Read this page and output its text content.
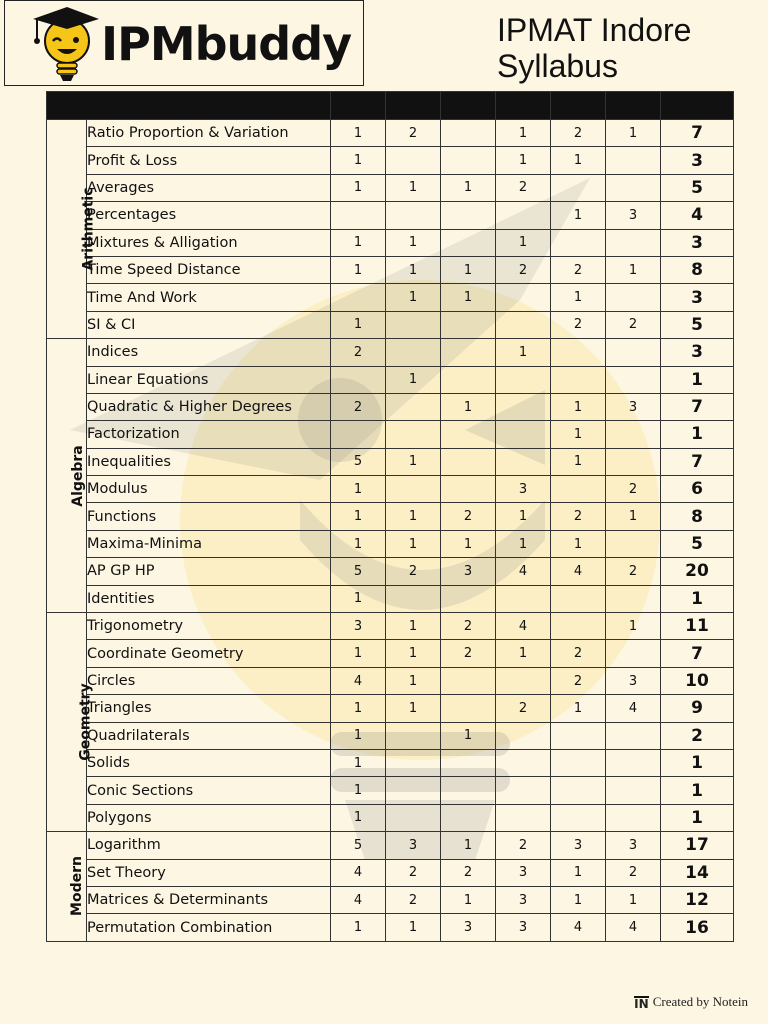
IPMbuddy	IPMAT Indore
Syllabus

Arithmetic	Ratio Proportion & Variation	1	2		1	2	1	7
	Profit & Loss	1			1	1		3
	Averages	1	1	1	2			5
	Percentages					1	3	4
	Mixtures & Alligation	1	1		1			3
	Time Speed Distance	1	1	1	2	2	1	8
	Time And Work		1	1		1		3
	SI & CI	1				2	2	5
Algebra	Indices	2			1			3
	Linear Equations		1					1
	Quadratic & Higher Degrees	2		1		1	3	7
	Factorization					1		1
	Inequalities	5	1			1		7
	Modulus	1			3		2	6
	Functions	1	1	2	1	2	1	8
	Maxima-Minima	1	1	1	1	1		5
	AP GP HP	5	2	3	4	4	2	20
	Identities	1						1
Geometry	Trigonometry	3	1	2	4		1	11
	Coordinate Geometry	1	1	2	1	2		7
	Circles	4	1			2	3	10
	Triangles	1	1		2	1	4	9
	Quadrilaterals	1		1				2
	Solids	1						1
	Conic Sections	1						1
	Polygons	1						1
Modern	Logarithm	5	3	1	2	3	3	17
	Set Theory	4	2	2	3	1	2	14
	Matrices & Determinants	4	2	1	3	1	1	12
	Permutation Combination	1	1	3	3	4	4	16
IN Created by Notein
